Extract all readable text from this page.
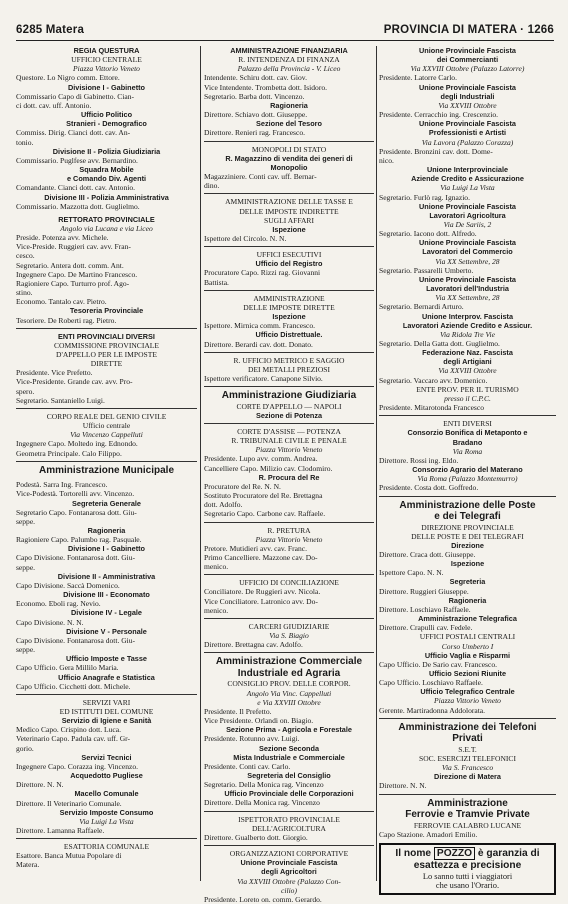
6285 Matera	PROVINCIA DI MATERA · 1266
REGIA QUESTURA
UFFICIO CENTRALE
Piazza Vittorio Veneto
Questore. Lo Nigro comm. Ettore.
Divisione I - Gabinetto
Commissario Capo di Gabinetto. Cian-
ci dott. cav. uff. Antonio.
Ufficio Politico
Stranieri - Demografico
Commiss. Dirig. Cianci dott. cav. An-
tonio.
Divisione II - Polizia Giudiziaria
Commissario. Puglfese avv. Bernardino.
Squadra Mobile
e Comando Div. Agenti
Comandante. Cianci dott. cav. Antonio.
Divisione III - Polizia Amministrativa
Commissario. Mazzotta dott. Guglielmo.
RETTORATO PROVINCIALE
Angolo via Lucana e via Liceo
Preside. Potenza avv. Michele.
Vice-Preside. Ruggieri cav. avv. Fran-
cesco.
Segretario. Antera dott. comm. Ant.
Ingegnere Capo. De Martino Francesco.
Ragioniere Capo. Turturro prof. Ago-
stino.
Economo. Tantalo cav. Pietro.
Tesoreria Provinciale
Tesoriere. De Roberti rag. Pietro.
ENTI PROVINCIALI DIVERSI
COMMISSIONE PROVINCIALE
D'APPELLO PER LE IMPOSTE
DIRETTE
Presidente. Vice Prefetto.
Vice-Presidente. Grande cav. avv. Pro-
spero.
Segretario. Santaniello Luigi.
CORPO REALE DEL GENIO CIVILE
Ufficio centrale
Via Vincenzo Cappelluti
Ingegnere Capo. Moltedo ing. Ednondo.
Geometra Principale. Calo Filippo.
Amministrazione Municipale
Podestà. Sarra Ing. Francesco.
Vice-Podestà. Tortorelli avv. Vincenzo.
Segreteria Generale
Segretario Capo. Fontanarosa dott. Giu-
seppe.
Ragioneria
Ragioniere Capo. Palumbo rag. Pasquale.
Divisione I - Gabinetto
Capo Divisione. Fontanarosa dott. Giu-
seppe.
Divisione II - Amministrativa
Capo Divisione. Saccà Domenico.
Divisione III - Economato
Economo. Eboli rag. Nevio.
Divisione IV - Legale
Capo Divisione. N. N.
Divisione V - Personale
Capo Divisione. Fontanarosa dott. Giu-
seppe.
Ufficio Imposte e Tasse
Capo Ufficio. Gera Millilo Maria.
Ufficio Anagrafe e Statistica
Capo Ufficio. Cicchetti dott. Michele.
SERVIZI VARI
ED ISTITUTI DEL COMUNE
Servizio di Igiene e Sanità
Medico Capo. Crispino dott. Luca.
Veterinario Capo. Padula cav. uff. Gr-
gorio.
Servizi Tecnici
Ingegnere Capo. Corazza ing. Vincenzo.
Acquedotto Pugliese
Direttore. N. N.
Macello Comunale
Direttore. Il Veterinario Comunale.
Servizio Imposte Consumo
Via Luigi La Vista
Direttore. Lamanna Raffaele.
ESATTORIA COMUNALE
Esattore. Banca Mutua Popolare di
Matera.
AMMINISTRAZIONE FINANZIARIA
R. INTENDENZA DI FINANZA
Palazzo della Provincia - V. Liceo
Intendente. Schiru dott. cav. Giov.
Vice Intendente. Trombetta dott. Isidoro.
Segretario. Barba dott. Vincenzo.
Ragioneria
Direttore. Schiavo dott. Giuseppe.
Sezione del Tesoro
Direttore. Renieri rag. Francesco.
MONOPOLI DI STATO
R. Magazzino di vendita dei generi di
Monopolio
Magazziniere. Conti cav. uff. Bernar-
dino.
AMMINISTRAZIONE DELLE TASSE E
DELLE IMPOSTE INDIRETTE
SUGLI AFFARI
Ispezione
Ispettore del Circolo. N. N.
UFFICI ESECUTIVI
Ufficio del Registro
Procuratore Capo. Rizzi rag. Giovanni
Battista.
AMMINISTRAZIONE
DELLE IMPOSTE DIRETTE
Ispezione
Ispettore. Mirnica comm. Francesco.
Ufficio Distrettuale.
Direttore. Berardi cav. dott. Donato.
R. UFFICIO METRICO E SAGGIO
DEI METALLI PREZIOSI
Ispettore verificatore. Canapone Silvio.
Amministrazione Giudiziaria
CORTE D'APPELLO — NAPOLI
Sezione di Potenza
CORTE D'ASSISE — POTENZA
R. TRIBUNALE CIVILE E PENALE
Piazza Vittorio Veneto
Presidente. Lupo avv. comm. Andrea.
Cancelliere Capo. Milizio cav. Clodomiro.
R. Procura del Re
Procuratore del Re. N. N.
Sostituto Procuratore del Re. Brettagna
dott. Adolfo.
Segretario Capo. Carbone cav. Raffaele.
R. PRETURA
Piazza Vittorio Veneto
Pretore. Mutidieri avv. cav. Franc.
Primo Cancelliere. Mazzone cav. Do-
menico.
UFFICIO DI CONCILIAZIONE
Conciliatore. De Ruggieri avv. Nicola.
Vice Conciliatore. Latronico avv. Do-
menico.
CARCERI GIUDIZIARIE
Via S. Biagio
Direttore. Brettagna cav. Adolfo.
Amministrazione Commerciale
Industriale ed Agraria
CONSIGLIO PROV. DELLE CORPOR.
Angolo Via Vinc. Cappelluti
e Via XXVIII Ottobre
Presidente. Il Prefetto.
Vice Presidente. Orlandi on. Biagio.
Sezione Prima - Agricola e Forestale
Presidente. Rotunno avv. Luigi.
Sezione Seconda
Mista Industriale e Commerciale
Presidente. Conti cav. Carlo.
Segreteria del Consiglio
Segretario. Della Monica rag. Vincenzo
Ufficio Provinciale delle Corporazioni
Direttore. Della Monica rag. Vincenzo
ISPETTORATO PROVINCIALE
DELL'AGRICOLTURA
Direttore. Gualberto dott. Giorgio.
ORGANIZZAZIONI CORPORATIVE
Unione Provinciale Fascista
degli Agricoltori
Via XXVIII Ottobre (Palazzo Con-
cilio)
Presidente. Loreto on. comm. Gerardo.
Unione Provinciale Fascista
dei Commercianti
Via XXVIII Ottobre (Palazzo Latorre)
Presidente. Latorre Carlo.
Unione Provinciale Fascista
degli Industriali
Via XXVIII Ottobre
Presidente. Cerracchio ing. Crescenzio.
Unione Provinciale Fascista
Professionisti e Artisti
Via Lavora (Palazzo Corazza)
Presidente. Bronzini cav. dott. Dome-
nico.
Unione Interprovinciale
Aziende Credito e Assicurazione
Via Luigi La Vista
Segretario. Furlò rag. Ignazio.
Unione Provinciale Fascista
Lavoratori Agricoltura
Via De Sariis, 2
Segretario. Iacono dott. Alfredo.
Unione Provinciale Fascista
Lavoratori del Commercio
Via XX Settembre, 28
Segretario. Passarelli Umberto.
Unione Provinciale Fascista
Lavoratori dell'Industria
Via XX Settembre, 28
Segretario. Bernardi Arturo.
Unione Interprov. Fascista
Lavoratori Aziende Credito e Assicur.
Via Ridola Tre Vie
Segretario. Della Gatta dott. Guglielmo.
Federazione Naz. Fascista
degli Artigiani
Via XXVIII Ottobre
Segretario. Vaccaro avv. Domenico.
ENTE PROV. PER IL TURISMO
presso il C.P.C.
Presidente. Mitarotonda Francesco
ENTI DIVERSI
Consorzio Bonifica di Metaponto e
Bradano
Via Roma
Direttore. Rossi ing. Eldo.
Consorzio Agrario del Materano
Via Roma (Palazzo Montemurro)
Presidente. Costa dott. Goffredo.
Amministrazione delle Poste
e dei Telegrafi
DIREZIONE PROVINCIALE
DELLE POSTE E DEI TELEGRAFI
Direzione
Direttore. Craca dott. Giuseppe.
Ispezione
Ispettore Capo. N. N.
Segreteria
Direttore. Ruggieri Giuseppe.
Ragioneria
Direttore. Loschiavo Raffaele.
Amministrazione Telegrafica
Direttore. Crapulli cav. Fedele.
UFFICI POSTALI CENTRALI
Corso Umberto I
Ufficio Vaglia e Risparmi
Capo Ufficio. De Sario cav. Francesco.
Ufficio Sezioni Riunite
Capo Ufficio. Loschiavo Raffaele.
Ufficio Telegrafico Centrale
Piazza Vittorio Veneto
Gerente. Martiradonna Addolorata.
Amministrazione dei Telefoni
Privati
S.E.T.
SOC. ESERCIZI TELEFONICI
Via S. Francesco
Direzione di Matera
Direttore. N. N.
Amministrazione
Ferrovie e Tramvie Private
FERROVIE CALABRO LUCANE
Capo Stazione. Amadori Emilio.
Il nome POZZO è garanzia di
esattezza e precisione
Lo sanno tutti i viaggiatori
che usano l'Orario.
